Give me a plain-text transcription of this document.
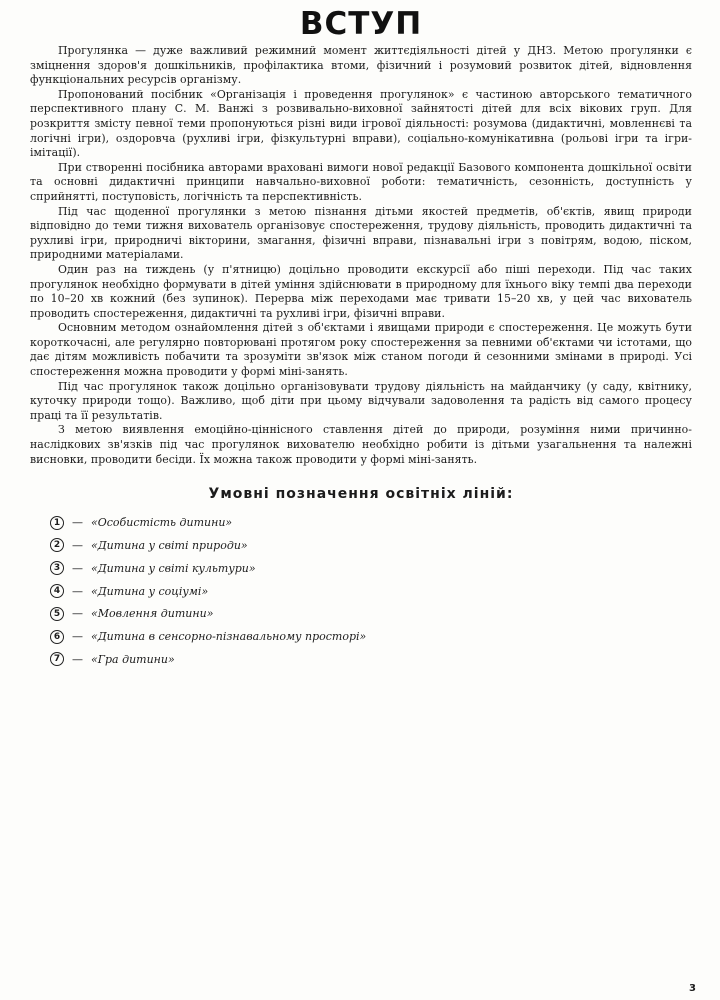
ВСТУП

Прогулянка — дуже важливий режимний момент життєдіяльності дітей у ДНЗ. Метою прогулянки є зміцнення здоров'я дошкільників, профілактика втоми, фізичний і розумовий розвиток дітей, відновлення функціональних ресурсів організму.

Пропонований посібник «Організація і проведення прогулянок» є частиною авторського тематичного перспективного плану С. М. Ванжі з розвивально-виховної зайнятості дітей для всіх вікових груп. Для розкриття змісту певної теми пропонуються різні види ігрової діяльності: розумова (дидактичні, мовленнєві та логічні ігри), оздоровча (рухливі ігри, фізкультурні вправи), соціально-комунікативна (рольові ігри та ігри-імітації).

При створенні посібника авторами враховані вимоги нової редакції Базового компонента дошкільної освіти та основні дидактичні принципи навчально-виховної роботи: тематичність, сезонність, доступність у сприйнятті, поступовість, логічність та перспективність.

Під час щоденної прогулянки з метою пізнання дітьми якостей предметів, об'єктів, явищ природи відповідно до теми тижня вихователь організовує спостереження, трудову діяльність, проводить дидактичні та рухливі ігри, природничі вікторини, змагання, фізичні вправи, пізнавальні ігри з повітрям, водою, піском, природними матеріалами.

Один раз на тиждень (у п'ятницю) доцільно проводити екскурсії або пішi переходи. Під час таких прогулянок необхідно формувати в дітей уміння здійснювати в природному для їхнього віку темпі два переходи по 10–20 хв кожний (без зупинок). Перерва між переходами має тривати 15–20 хв, у цей час вихователь проводить спостереження, дидактичні та рухливі ігри, фізичні вправи.

Основним методом ознайомлення дітей з об'єктами і явищами природи є спостереження. Це можуть бути короткочасні, але регулярно повторювані протягом року спостереження за певними об'єктами чи істотами, що дає дітям можливість побачити та зрозуміти зв'язок між станом погоди й сезонними змінами в природі. Усі спостереження можна проводити у формі міні-занять.

Під час прогулянок також доцільно організовувати трудову діяльність на майданчику (у саду, квітнику, куточку природи тощо). Важливо, щоб діти при цьому відчували задоволення та радість від самого процесу праці та її результатів.

З метою виявлення емоційно-ціннісного ставлення дітей до природи, розуміння ними причинно-наслідкових зв'язків під час прогулянок вихователю необхідно робити із дітьми узагальнення та належні висновки, проводити бесіди. Їх можна також проводити у формі міні-занять.

Умовні позначення освітніх ліній:
1	— «Особистість дитини»
2	— «Дитина у світі природи»
3	— «Дитина у світі культури»
4	— «Дитина у соціумі»
5	— «Мовлення дитини»
6	— «Дитина в сенсорно-пізнавальному просторі»
7	— «Гра дитини»
3
